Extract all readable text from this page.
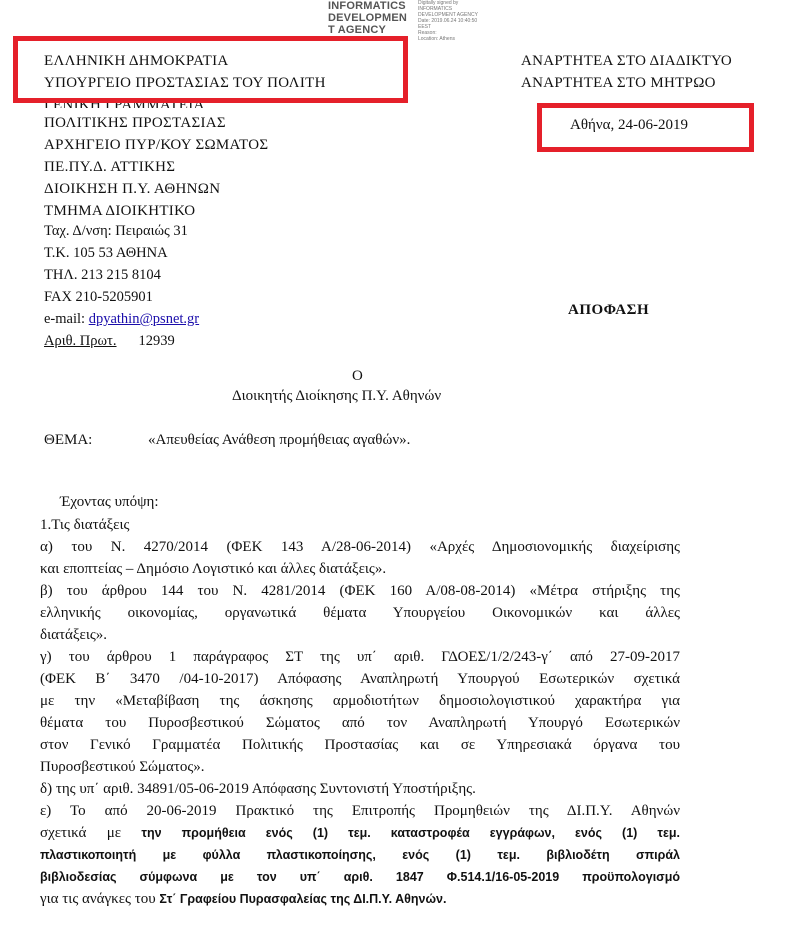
INFORMATICS
DEVELOPMEN
T AGENCY
Digitally signed by
INFORMATICS
DEVELOPMENT AGENCY
Date: 2019.06.24 10:40:50
EEST
Reason:
Location: Athens
ΕΛΛΗΝΙΚΗ ΔΗΜΟΚΡΑΤΙΑ
ΥΠΟΥΡΓΕΙΟ ΠΡΟΣΤΑΣΙΑΣ ΤΟΥ ΠΟΛΙΤΗ
ΓΕΝΙΚΗ ΓΡΑΜΜΑΤΕΙΑ
ΠΟΛΙΤΙΚΗΣ ΠΡΟΣΤΑΣΙΑΣ
ΑΡΧΗΓΕΙΟ ΠΥΡ/ΚΟΥ ΣΩΜΑΤΟΣ
ΠΕ.ΠΥ.Δ. ΑΤΤΙΚΗΣ
ΔΙΟΙΚΗΣΗ Π.Υ. ΑΘΗΝΩΝ
ΤΜΗΜΑ ΔΙΟΙΚΗΤΙΚΟ
Ταχ. Δ/νση: Πειραιώς 31
Τ.Κ. 105 53 ΑΘΗΝΑ
ΤΗΛ. 213 215 8104
FAX 210-5205901
e-mail: dpyathin@psnet.gr
Αριθ. Πρωτ. 12939
ΑΝΑΡΤΗΤΕΑ ΣΤΟ ΔΙΑΔΙΚΤΥΟ
ΑΝΑΡΤΗΤΕΑ ΣΤΟ ΜΗΤΡΩΟ
Αθήνα, 24-06-2019
ΑΠΟΦΑΣΗ
Ο
Διοικητής Διοίκησης Π.Υ. Αθηνών
ΘΕΜΑ:	«Απευθείας Ανάθεση προμήθειας αγαθών».
Έχοντας υπόψη:
1.Τις διατάξεις
α) του Ν. 4270/2014 (ΦΕΚ 143 Α/28-06-2014) «Αρχές Δημοσιονομικής διαχείρισης
και εποπτείας – Δημόσιο Λογιστικό και άλλες διατάξεις».
β) του άρθρου 144 του Ν. 4281/2014 (ΦΕΚ 160 Α/08-08-2014) «Μέτρα στήριξης της
ελληνικής οικονομίας, οργανωτικά θέματα Υπουργείου Οικονομικών και άλλες
διατάξεις».
γ) του άρθρου 1 παράγραφος ΣΤ της υπ΄ αριθ. ΓΔΟΕΣ/1/2/243-γ΄ από 27-09-2017
(ΦΕΚ Β΄ 3470 /04-10-2017) Απόφασης Αναπληρωτή Υπουργού Εσωτερικών σχετικά
με την «Μεταβίβαση της άσκησης αρμοδιοτήτων δημοσιολογιστικού χαρακτήρα για
θέματα του Πυροσβεστικού Σώματος από τον Αναπληρωτή Υπουργό Εσωτερικών
στον Γενικό Γραμματέα Πολιτικής Προστασίας και σε Υπηρεσιακά όργανα του
Πυροσβεστικού Σώματος».
δ) της υπ΄ αριθ. 34891/05-06-2019 Απόφασης Συντονιστή Υποστήριξης.
ε) Το από 20-06-2019 Πρακτικό της Επιτροπής Προμηθειών της ΔΙ.Π.Υ. Αθηνών
σχετικά με την προμήθεια ενός (1) τεμ. καταστροφέα εγγράφων, ενός (1) τεμ.
πλαστικοποιητή με φύλλα πλαστικοποίησης, ενός (1) τεμ. βιβλιοδέτη σπιράλ
βιβλιοδεσίας σύμφωνα με τον υπ΄ αριθ. 1847 Φ.514.1/16-05-2019 προϋπολογισμό
για τις ανάγκες του Στ΄ Γραφείου Πυρασφαλείας της ΔΙ.Π.Υ. Αθηνών.
